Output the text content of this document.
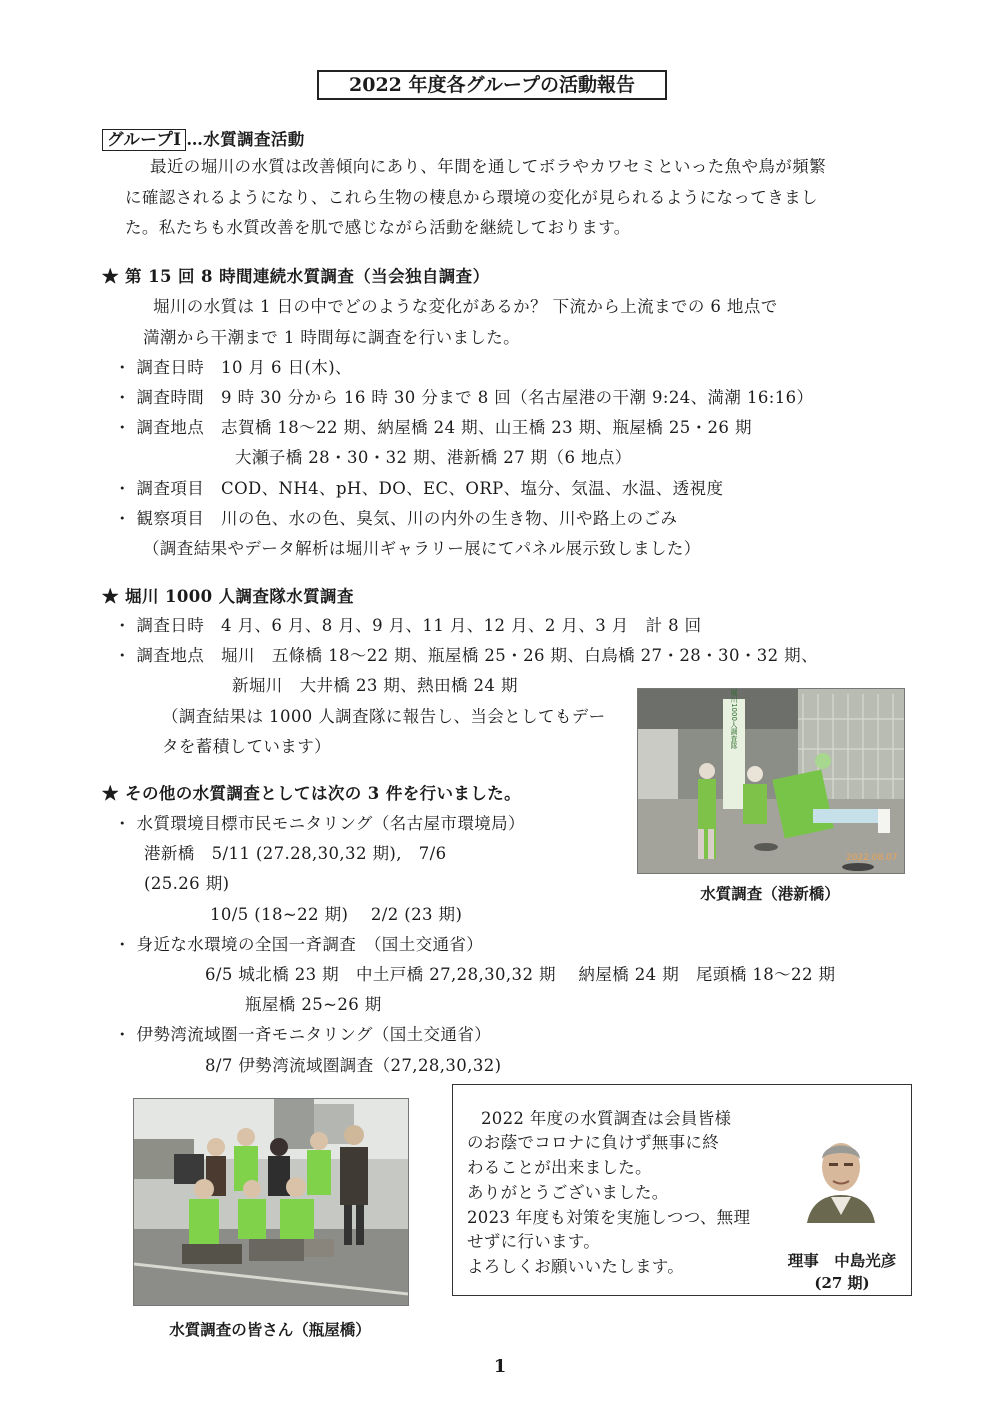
2022 年度各グループの活動報告
グループⅠ …水質調査活動
最近の堀川の水質は改善傾向にあり、年間を通してボラやカワセミといった魚や鳥が頻繁
に確認されるようになり、これら生物の棲息から環境の変化が見られるようになってきまし
た。私たちも水質改善を肌で感じながら活動を継続しております。
★ 第 15 回 8 時間連続水質調査（当会独自調査）
堀川の水質は 1 日の中でどのような変化があるか？ 下流から上流までの 6 地点で
満潮から干潮まで 1 時間毎に調査を行いました。
・ 調査日時　10 月 6 日(木)、
・ 調査時間　9 時 30 分から 16 時 30 分まで 8 回（名古屋港の干潮 9:24、満潮 16:16）
・ 調査地点　志賀橋 18～22 期、納屋橋 24 期、山王橋 23 期、瓶屋橋 25・26 期
大瀬子橋 28・30・32 期、港新橋 27 期（6 地点）
・ 調査項目　COD、NH4、pH、DO、EC、ORP、塩分、気温、水温、透視度
・ 観察項目　川の色、水の色、臭気、川の内外の生き物、川や路上のごみ
（調査結果やデータ解析は堀川ギャラリー展にてパネル展示致しました）
★ 堀川 1000 人調査隊水質調査
・ 調査日時　4 月、6 月、8 月、9 月、11 月、12 月、2 月、3 月　計 8 回
・ 調査地点　堀川　五條橋 18～22 期、瓶屋橋 25・26 期、白鳥橋 27・28・30・32 期、
新堀川　大井橋 23 期、熱田橋 24 期
（調査結果は 1000 人調査隊に報告し、当会としてもデー
タを蓄積しています）
★ その他の水質調査としては次の 3 件を行いました。
・ 水質環境目標市民モニタリング（名古屋市環境局）
港新橋　5/11 (27.28,30,32 期),　7/6
(25.26 期)
10/5 (18~22 期)　 2/2 (23 期)
・ 身近な水環境の全国一斉調査　（国土交通省）
6/5 城北橋 23 期　中土戸橋 27,28,30,32 期　 納屋橋 24 期　尾頭橋 18～22 期
瓶屋橋 25~26 期
・ 伊勢湾流域圏一斉モニタリング（国土交通省）
8/7 伊勢湾流域圏調査（27,28,30,32)
堀川1000人調査隊
2022.08.07
水質調査（港新橋）
水質調査の皆さん（瓶屋橋）
2022 年度の水質調査は会員皆様
のお蔭でコロナに負けず無事に終
わることが出来ました。
ありがとうございました。
2023 年度も対策を実施しつつ、無理
せずに行います。
よろしくお願いいたします。	理事　中島光彦
(27 期)
1
